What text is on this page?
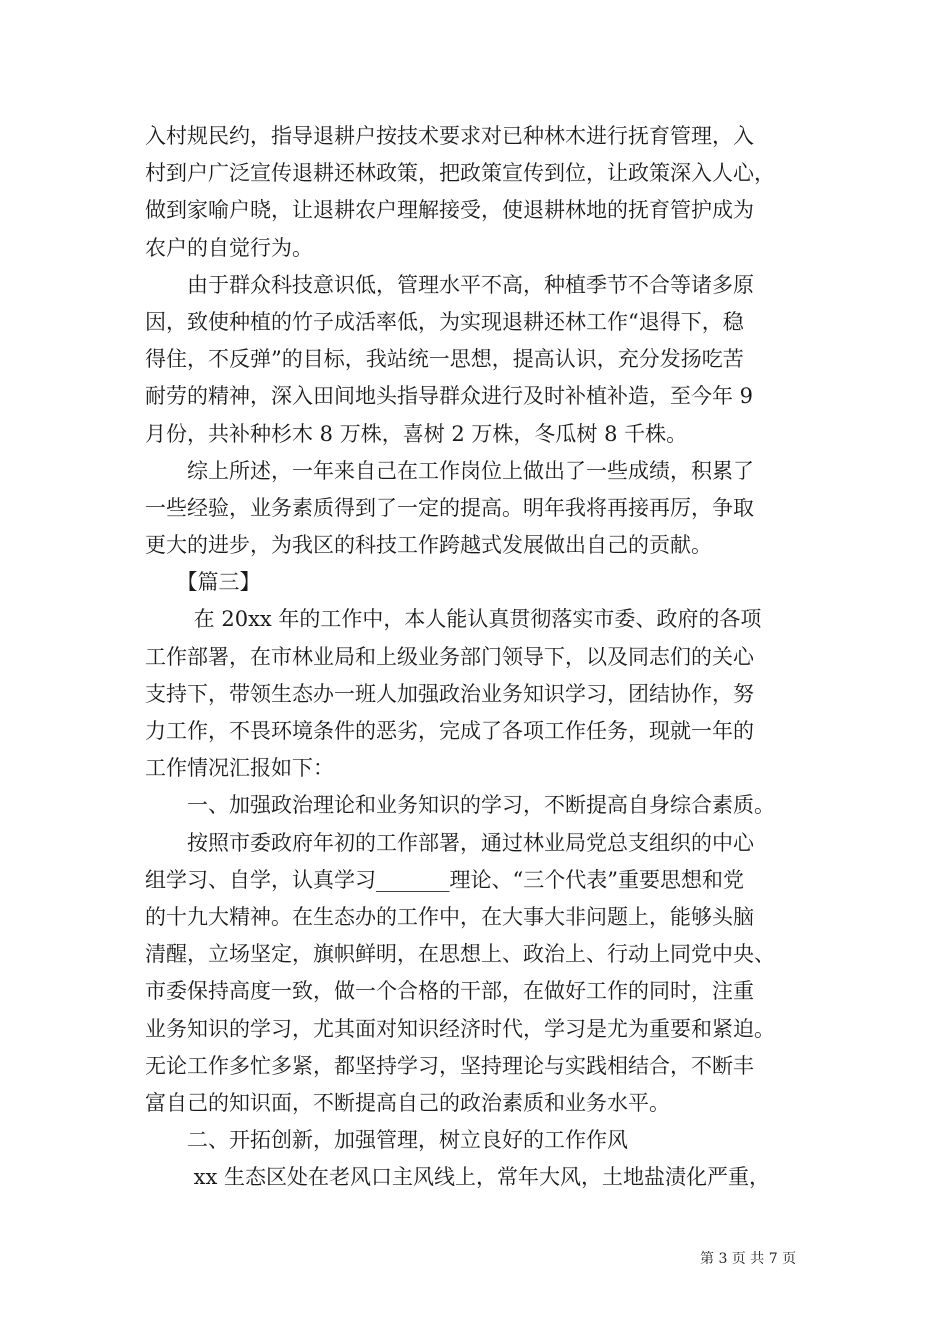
入村规民约，指导退耕户按技术要求对已种林木进行抚育管理，入
村到户广泛宣传退耕还林政策，把政策宣传到位，让政策深入人心，
做到家喻户晓，让退耕农户理解接受，使退耕林地的抚育管护成为
农户的自觉行为。
　　由于群众科技意识低，管理水平不高，种植季节不合等诸多原
因，致使种植的竹子成活率低，为实现退耕还林工作“退得下，稳
得住，不反弹”的目标，我站统一思想，提高认识，充分发扬吃苦
耐劳的精神，深入田间地头指导群众进行及时补植补造，至今年 9
月份，共补种杉木 8 万株，喜树 2 万株，冬瓜树 8 千株。
　　综上所述，一年来自己在工作岗位上做出了一些成绩，积累了
一些经验，业务素质得到了一定的提高。明年我将再接再厉，争取
更大的进步，为我区的科技工作跨越式发展做出自己的贡献。
　　【篇三】
　　 在 20xx 年的工作中，本人能认真贯彻落实市委、政府的各项
工作部署，在市林业局和上级业务部门领导下，以及同志们的关心
支持下，带领生态办一班人加强政治业务知识学习，团结协作，努
力工作，不畏环境条件的恶劣，完成了各项工作任务，现就一年的
工作情况汇报如下：
　　一、加强政治理论和业务知识的学习，不断提高自身综合素质。
　　按照市委政府年初的工作部署，通过林业局党总支组织的中心
组学习、自学，认真学习_______理论、“三个代表”重要思想和党
的十九大精神。在生态办的工作中，在大事大非问题上，能够头脑
清醒，立场坚定，旗帜鲜明，在思想上、政治上、行动上同党中央、
市委保持高度一致，做一个合格的干部，在做好工作的同时，注重
业务知识的学习，尤其面对知识经济时代，学习是尤为重要和紧迫。
无论工作多忙多紧，都坚持学习，坚持理论与实践相结合，不断丰
富自己的知识面，不断提高自己的政治素质和业务水平。
　　二、开拓创新，加强管理，树立良好的工作作风
　　 xx 生态区处在老风口主风线上，常年大风，土地盐渍化严重，
第 3 页 共 7 页
